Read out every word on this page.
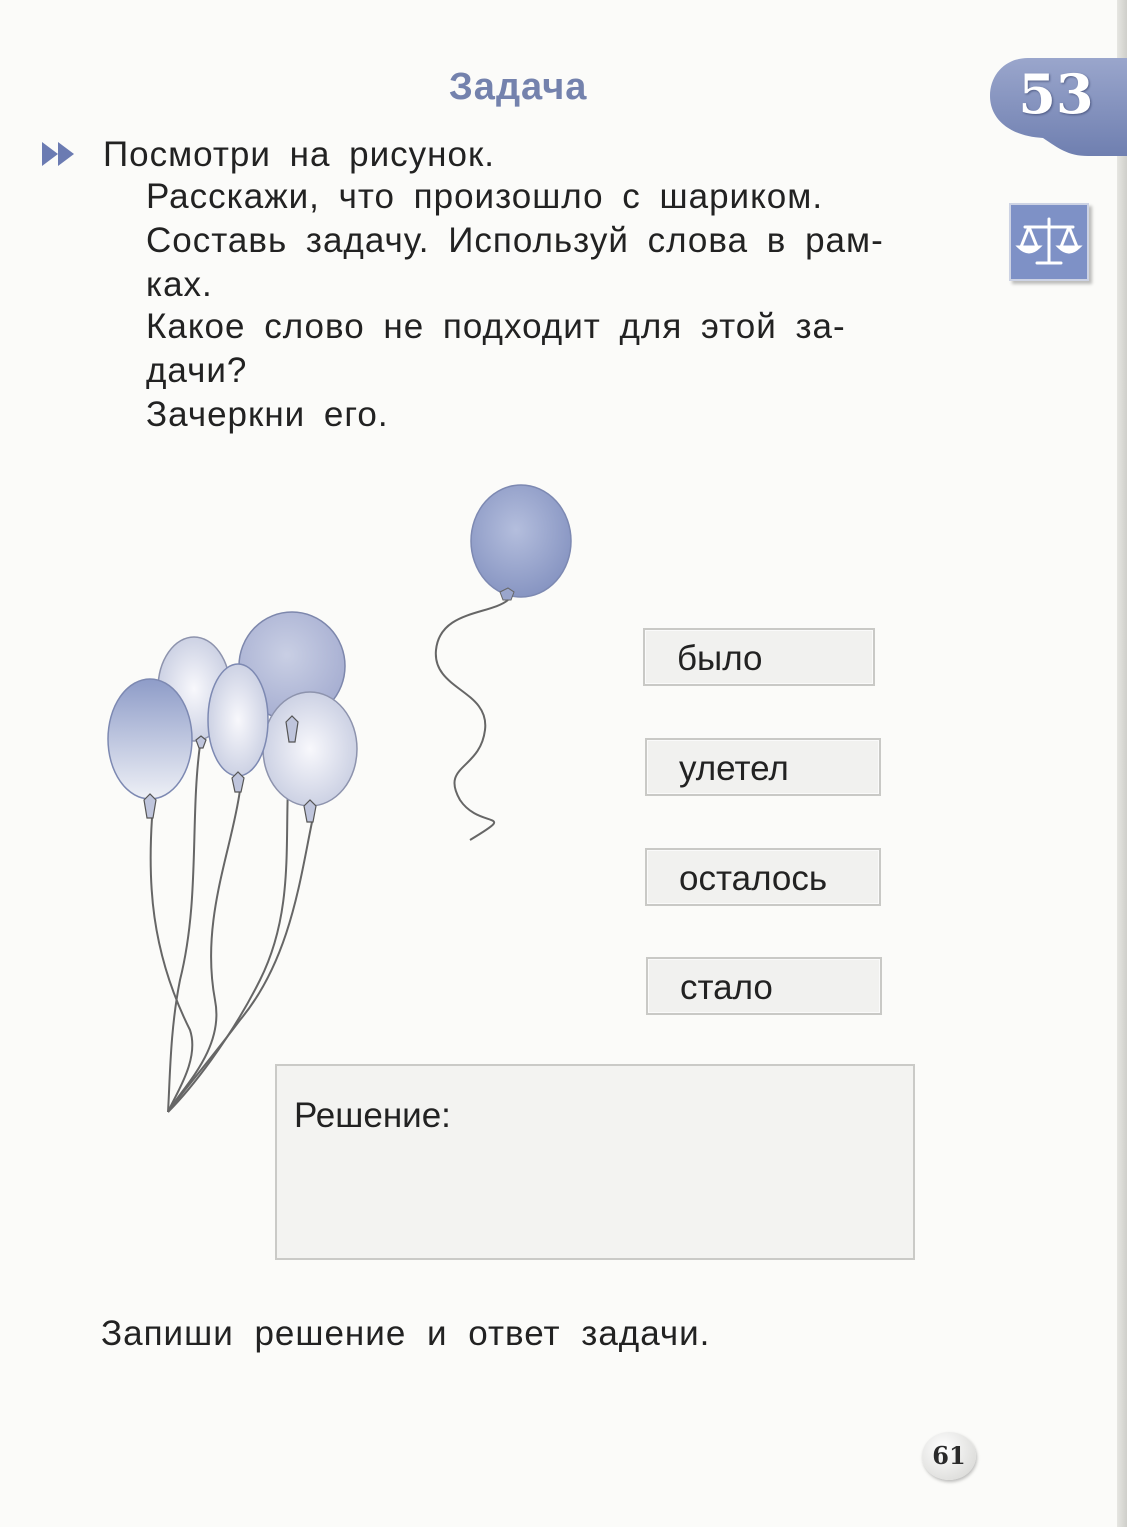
Задача	53
Посмотри на рисунок.
Расскажи, что произошло с шариком.
Составь задачу. Используй слова в рам-
ках.
Какое слово не подходит для этой за-
дачи?
Зачеркни его.
было
улетел
осталось
стало
Решение:
Запиши решение и ответ задачи.
61
